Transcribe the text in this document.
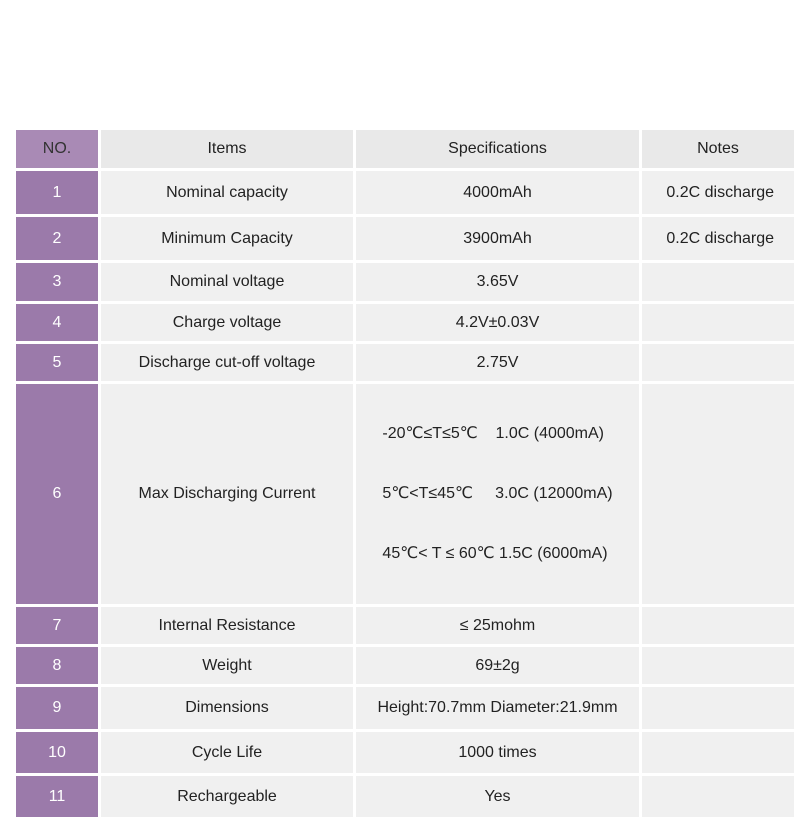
NO.	Items	Specifications	Notes
1	Nominal capacity	4000mAh	0.2C discharge
2	Minimum Capacity	3900mAh	0.2C discharge
3	Nominal voltage	3.65V	
4	Charge voltage	4.2V±0.03V	
5	Discharge cut-off voltage	2.75V	
6	Max Discharging Current	-20℃≤T≤5℃    1.0C (4000mA)

5℃<T≤45℃     3.0C (12000mA)

45℃< T ≤ 60℃ 1.5C (6000mA)	

7	Internal Resistance	≤ 25mohm	
8	Weight	69±2g	
9	Dimensions	Height:70.7mm Diameter:21.9mm	
10	Cycle Life	1000 times	
11	Rechargeable	Yes	
